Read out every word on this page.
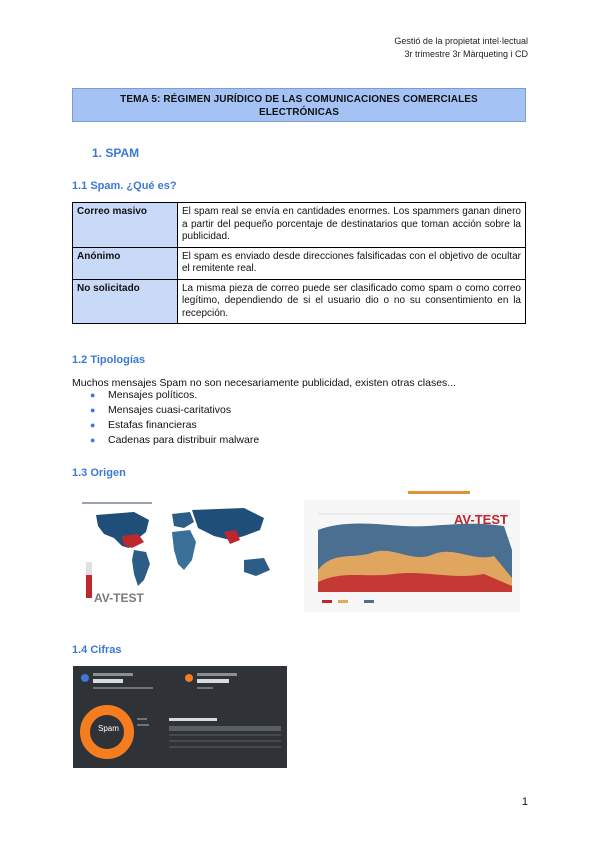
Gestió de la propietat intel·lectual
3r trimestre 3r Màrqueting i CD
TEMA 5: RÉGIMEN JURÍDICO DE LAS COMUNICACIONES COMERCIALES
ELECTRÓNICAS
1. SPAM
1.1 Spam. ¿Qué es?
Correo masivo	El spam real se envía en cantidades enormes. Los spammers ganan dinero a partir del pequeño porcentaje de destinatarios que toman acción sobre la publicidad.
Anónimo	El spam es enviado desde direcciones falsificadas con el objetivo de ocultar el remitente real.
No solicitado	La misma pieza de correo puede ser clasificado como spam o como correo legítimo, dependiendo de si el usuario dio o no su consentimiento en la recepción.
1.2 Tipologías
Muchos mensajes Spam no son necesariamente publicidad, existen otras clases...
● Mensajes políticos.
● Mensajes cuasi-caritativos
● Estafas financieras
● Cadenas para distribuir malware
1.3 Origen
AV-TEST
AV-TEST
1.4 Cifras
Spam
1
